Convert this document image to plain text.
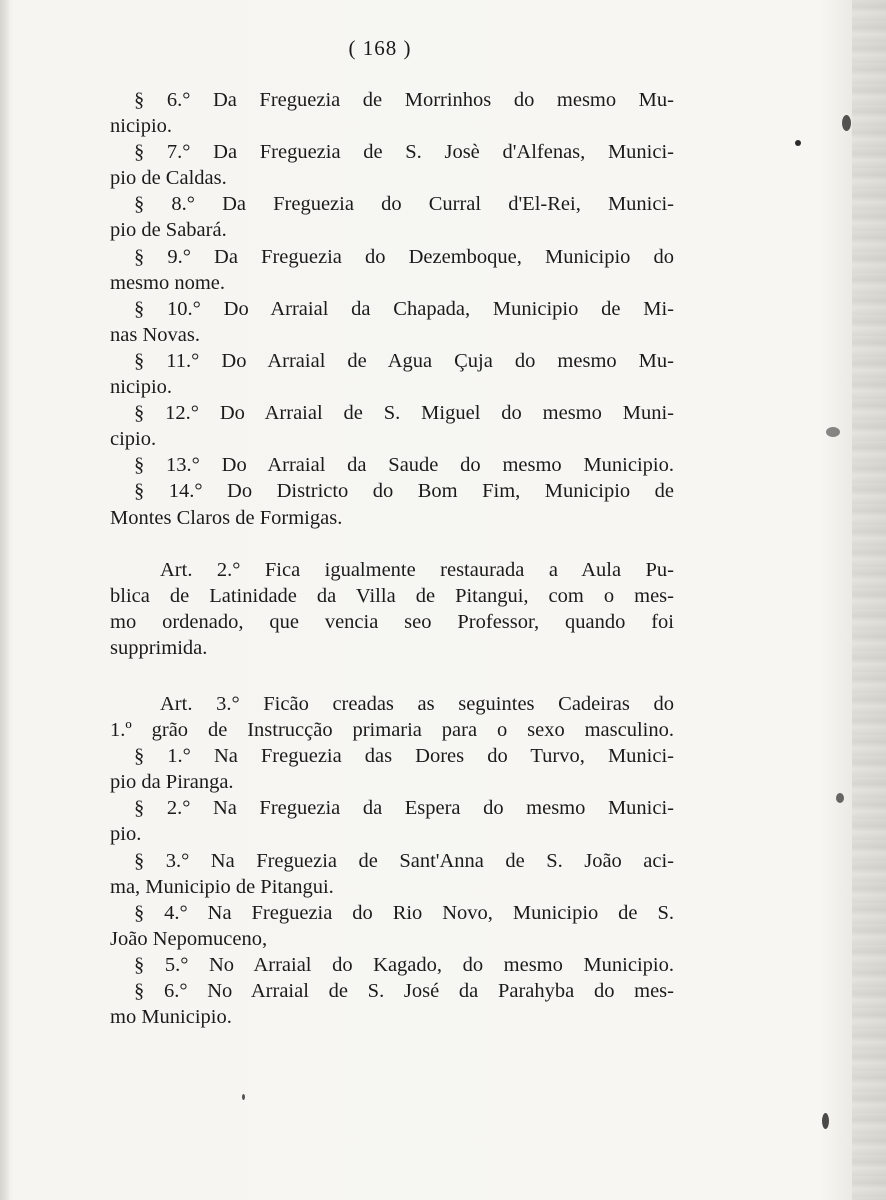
( 168 )
§ 6.° Da Freguezia de Morrinhos do mesmo Mu-
nicipio.
§ 7.° Da Freguezia de S. Josè d'Alfenas, Munici-
pio de Caldas.
§ 8.° Da Freguezia do Curral d'El-Rei, Munici-
pio de Sabará.
§ 9.° Da Freguezia do Dezemboque, Municipio do
mesmo nome.
§ 10.° Do Arraial da Chapada, Municipio de Mi-
nas Novas.
§ 11.° Do Arraial de Agua Çuja do mesmo Mu-
nicipio.
§ 12.° Do Arraial de S. Miguel do mesmo Muni-
cipio.
§ 13.° Do Arraial da Saude do mesmo Municipio.
§ 14.° Do Districto do Bom Fim, Municipio de
Montes Claros de Formigas.
Art. 2.° Fica igualmente restaurada a Aula Pu-
blica de Latinidade da Villa de Pitangui, com o mes-
mo ordenado, que vencia seo Professor, quando foi
supprimida.
Art. 3.° Ficão creadas as seguintes Cadeiras do
1.º grão de Instrucção primaria para o sexo masculino.
§ 1.° Na Freguezia das Dores do Turvo, Munici-
pio da Piranga.
§ 2.° Na Freguezia da Espera do mesmo Munici-
pio.
§ 3.° Na Freguezia de Sant'Anna de S. João aci-
ma, Municipio de Pitangui.
§ 4.° Na Freguezia do Rio Novo, Municipio de S.
João Nepomuceno,
§ 5.° No Arraial do Kagado, do mesmo Municipio.
§ 6.° No Arraial de S. José da Parahyba do mes-
mo Municipio.
